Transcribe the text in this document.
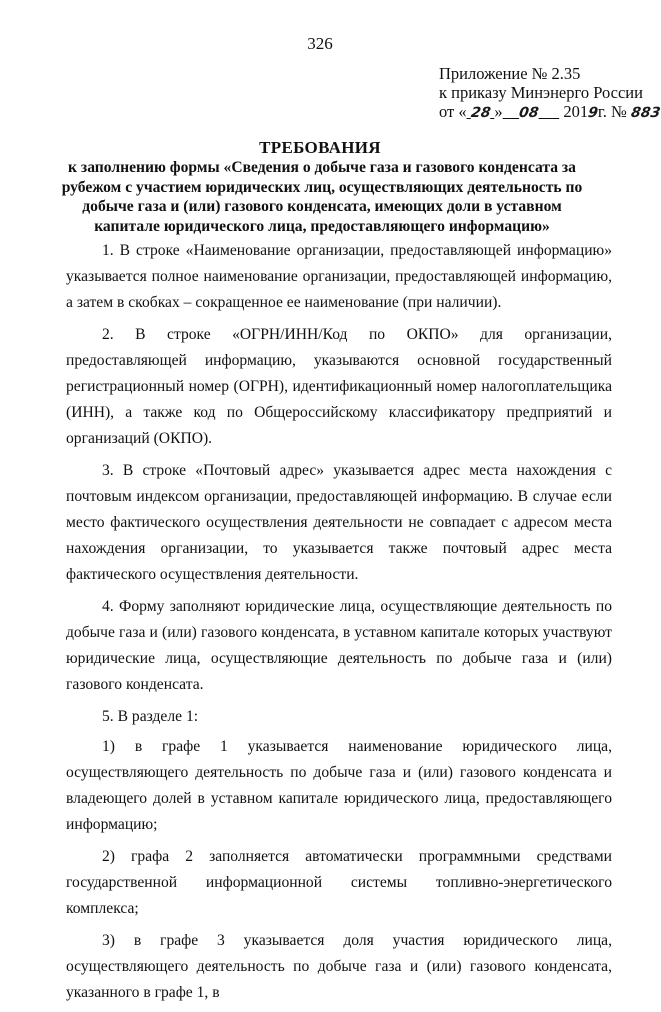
326
Приложение № 2.35
к приказу Минэнерго России
от « 28 » 08 2019г. № 883
ТРЕБОВАНИЯ
к заполнению формы «Сведения о добыче газа и газового конденсата за рубежом с участием юридических лиц, осуществляющих деятельность по добыче газа и (или) газового конденсата, имеющих доли в уставном капитале юридического лица, предоставляющего информацию»

1. В строке «Наименование организации, предоставляющей информацию» указывается полное наименование организации, предоставляющей информацию, а затем в скобках – сокращенное ее наименование (при наличии).

2. В строке «ОГРН/ИНН/Код по ОКПО» для организации, предоставляющей информацию, указываются основной государственный регистрационный номер (ОГРН), идентификационный номер налогоплательщика (ИНН), а также код по Общероссийскому классификатору предприятий и организаций (ОКПО).

3. В строке «Почтовый адрес» указывается адрес места нахождения с почтовым индексом организации, предоставляющей информацию. В случае если место фактического осуществления деятельности не совпадает с адресом места нахождения организации, то указывается также почтовый адрес места фактического осуществления деятельности.

4. Форму заполняют юридические лица, осуществляющие деятельность по добыче газа и (или) газового конденсата, в уставном капитале которых участвуют юридические лица, осуществляющие деятельность по добыче газа и (или) газового конденсата.

5. В разделе 1:

1) в графе 1 указывается наименование юридического лица, осуществляющего деятельность по добыче газа и (или) газового конденсата и владеющего долей в уставном капитале юридического лица, предоставляющего информацию;

2) графа 2 заполняется автоматически программными средствами государственной информационной системы топливно-энергетического комплекса;

3) в графе 3 указывается доля участия юридического лица, осуществляющего деятельность по добыче газа и (или) газового конденсата, указанного в графе 1, в
